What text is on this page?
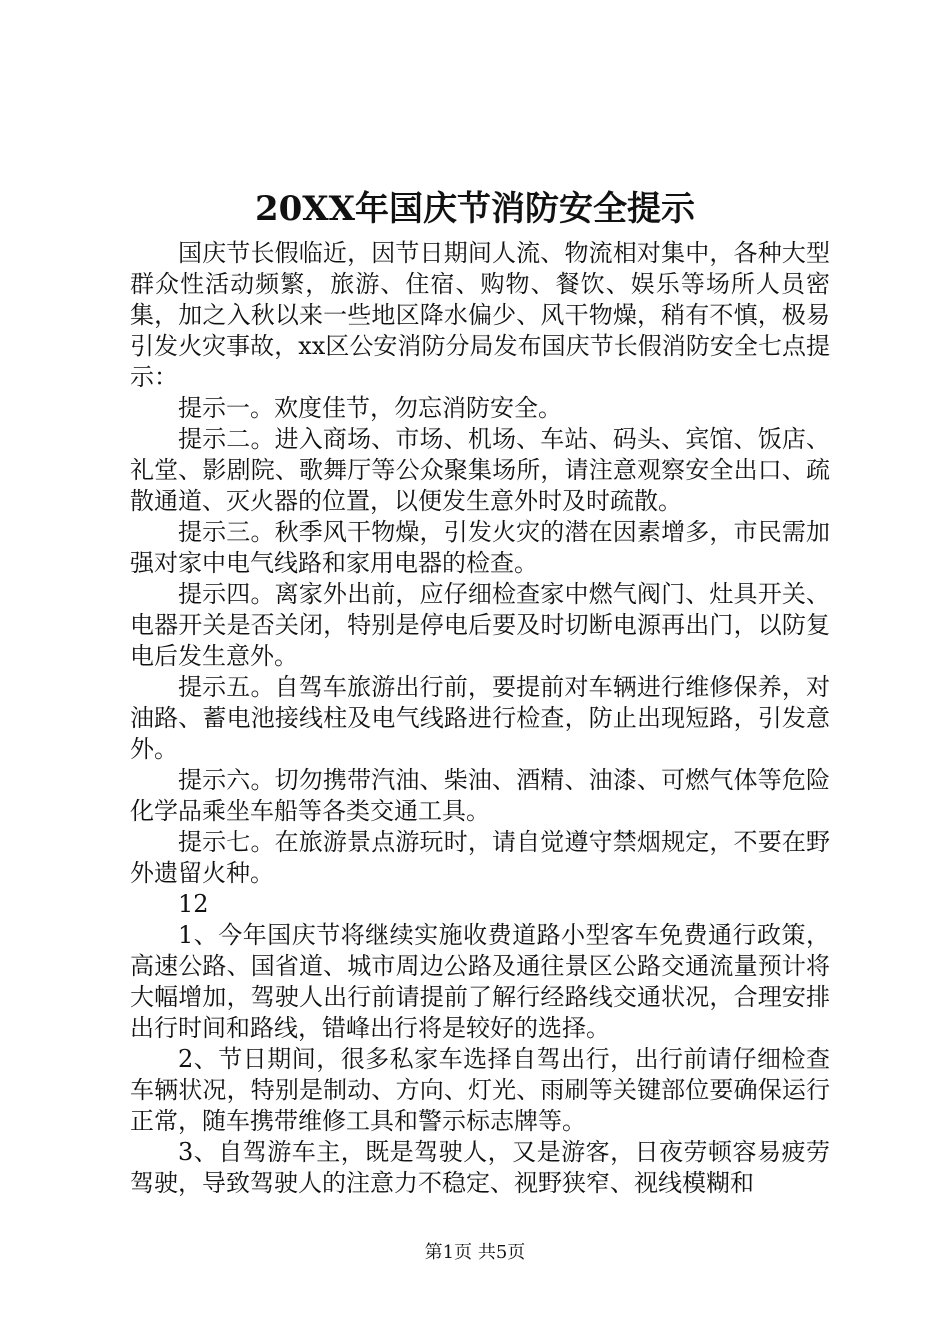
20XX年国庆节消防安全提示

国庆节长假临近，因节日期间人流、物流相对集中，各种大型群众性活动频繁，旅游、住宿、购物、餐饮、娱乐等场所人员密集，加之入秋以来一些地区降水偏少、风干物燥，稍有不慎，极易引发火灾事故，xx区公安消防分局发布国庆节长假消防安全七点提示：

提示一。欢度佳节，勿忘消防安全。

提示二。进入商场、市场、机场、车站、码头、宾馆、饭店、礼堂、影剧院、歌舞厅等公众聚集场所，请注意观察安全出口、疏散通道、灭火器的位置，以便发生意外时及时疏散。

提示三。秋季风干物燥，引发火灾的潜在因素增多，市民需加强对家中电气线路和家用电器的检查。

提示四。离家外出前，应仔细检查家中燃气阀门、灶具开关、电器开关是否关闭，特别是停电后要及时切断电源再出门，以防复电后发生意外。

提示五。自驾车旅游出行前，要提前对车辆进行维修保养，对油路、蓄电池接线柱及电气线路进行检查，防止出现短路，引发意外。

提示六。切勿携带汽油、柴油、酒精、油漆、可燃气体等危险化学品乘坐车船等各类交通工具。

提示七。在旅游景点游玩时，请自觉遵守禁烟规定，不要在野外遗留火种。

12

1、今年国庆节将继续实施收费道路小型客车免费通行政策，高速公路、国省道、城市周边公路及通往景区公路交通流量预计将大幅增加，驾驶人出行前请提前了解行经路线交通状况，合理安排出行时间和路线，错峰出行将是较好的选择。

2、节日期间，很多私家车选择自驾出行，出行前请仔细检查车辆状况，特别是制动、方向、灯光、雨刷等关键部位要确保运行正常，随车携带维修工具和警示标志牌等。

3、自驾游车主，既是驾驶人，又是游客，日夜劳顿容易疲劳驾驶，导致驾驶人的注意力不稳定、视野狭窄、视线模糊和

第1页 共5页
